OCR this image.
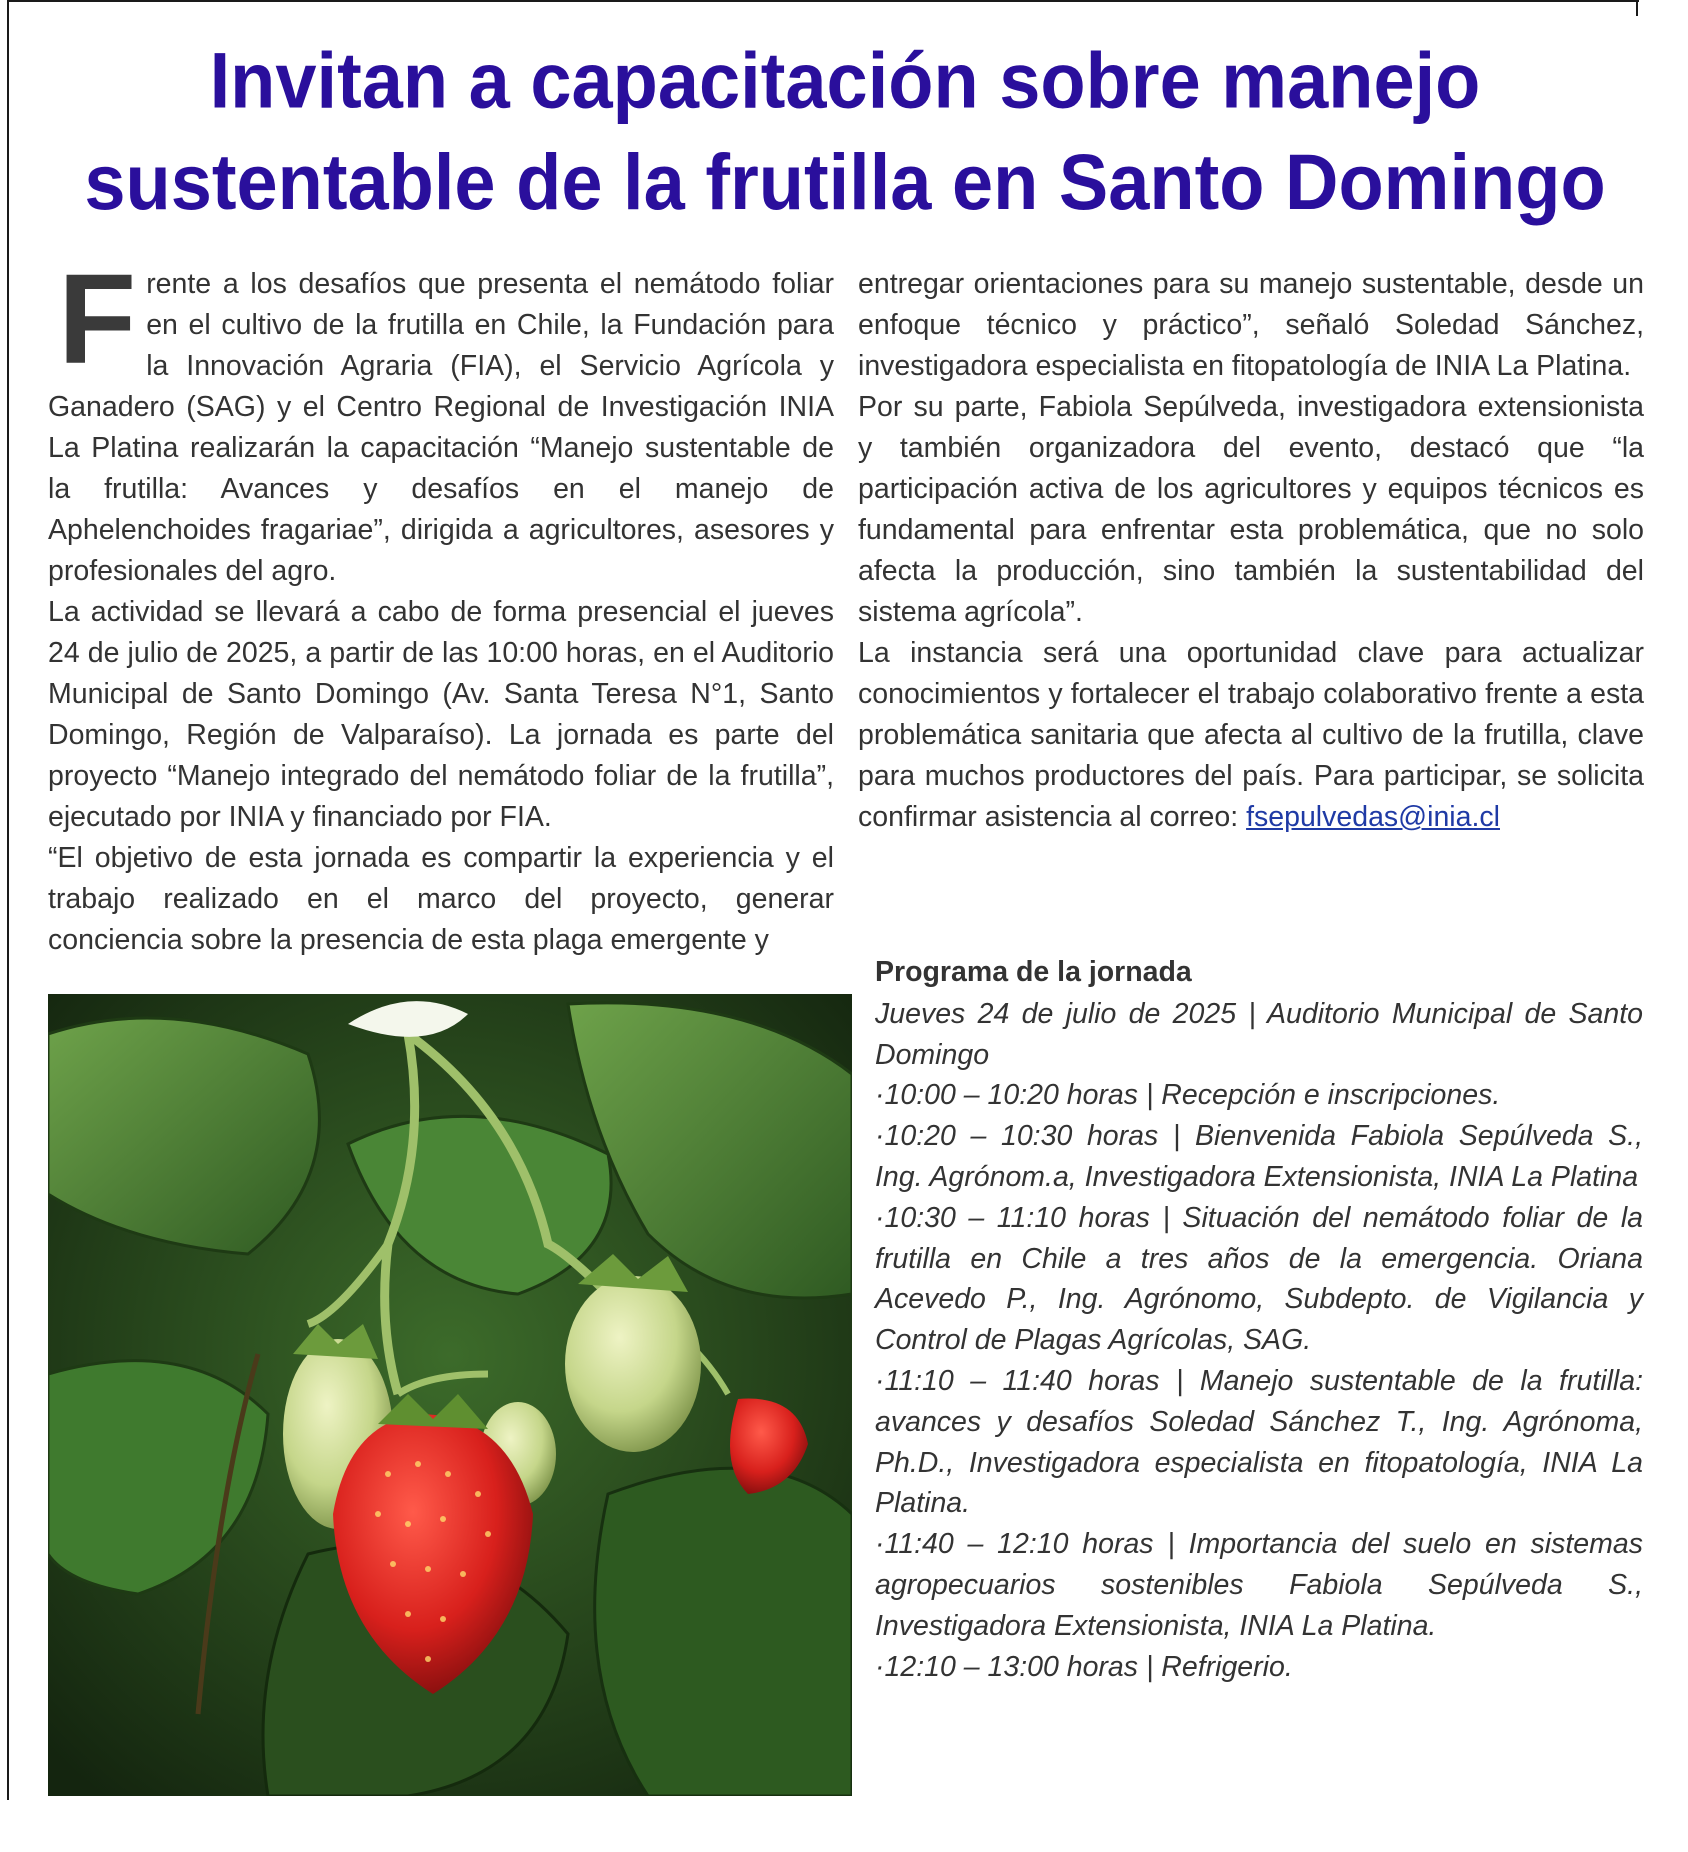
Invitan a capacitación sobre manejo
sustentable de la frutilla en Santo Domingo

Frente a los desafíos que presenta el nemátodo foliar en el cultivo de la frutilla en Chile, la Fundación para la Innovación Agraria (FIA), el Servicio Agrícola y Ganadero (SAG) y el Centro Regional de Investigación INIA La Platina realizarán la capacitación “Manejo sustentable de la frutilla: Avances y desafíos en el manejo de Aphelenchoides fragariae”, dirigida a agricultores, asesores y profesionales del agro.

La actividad se llevará a cabo de forma presencial el jueves 24 de julio de 2025, a partir de las 10:00 horas, en el Auditorio Municipal de Santo Domingo (Av. Santa Teresa N°1, Santo Domingo, Región de Valparaíso). La jornada es parte del proyecto “Manejo integrado del nemátodo foliar de la frutilla”, ejecutado por INIA y financiado por FIA.

“El objetivo de esta jornada es compartir la experiencia y el trabajo realizado en el marco del proyecto, generar conciencia sobre la presencia de esta plaga emergente y

entregar orientaciones para su manejo sustentable, desde un enfoque técnico y práctico”, señaló Soledad Sánchez, investigadora especialista en fitopatología de INIA La Platina.

Por su parte, Fabiola Sepúlveda, investigadora extensionista y también organizadora del evento, destacó que “la participación activa de los agricultores y equipos técnicos es fundamental para enfrentar esta problemática, que no solo afecta la producción, sino también la sustentabilidad del sistema agrícola”.

La instancia será una oportunidad clave para actualizar conocimientos y fortalecer el trabajo colaborativo frente a esta problemática sanitaria que afecta al cultivo de la frutilla, clave para muchos productores del país. Para participar, se solicita confirmar asistencia al correo: fsepulvedas@inia.cl

Programa de la jornada

Jueves 24 de julio de 2025 | Auditorio Municipal de Santo Domingo

·10:00 – 10:20 horas | Recepción e inscripciones.

·10:20 – 10:30 horas | Bienvenida Fabiola Sepúlveda S., Ing. Agrónom.a, Investigadora Extensionista, INIA La Platina

·10:30 – 11:10 horas | Situación del nemátodo foliar de la frutilla en Chile a tres años de la emergencia. Oriana Acevedo P., Ing. Agrónomo, Subdepto. de Vigilancia y Control de Plagas Agrícolas, SAG.

·11:10 – 11:40 horas | Manejo sustentable de la frutilla: avances y desafíos Soledad Sánchez T., Ing. Agrónoma, Ph.D., Investigadora especialista en fitopatología, INIA La Platina.

·11:40 – 12:10 horas | Importancia del suelo en sistemas agropecuarios sostenibles Fabiola Sepúlveda S., Investigadora Extensionista, INIA La Platina.

·12:10 – 13:00 horas | Refrigerio.
